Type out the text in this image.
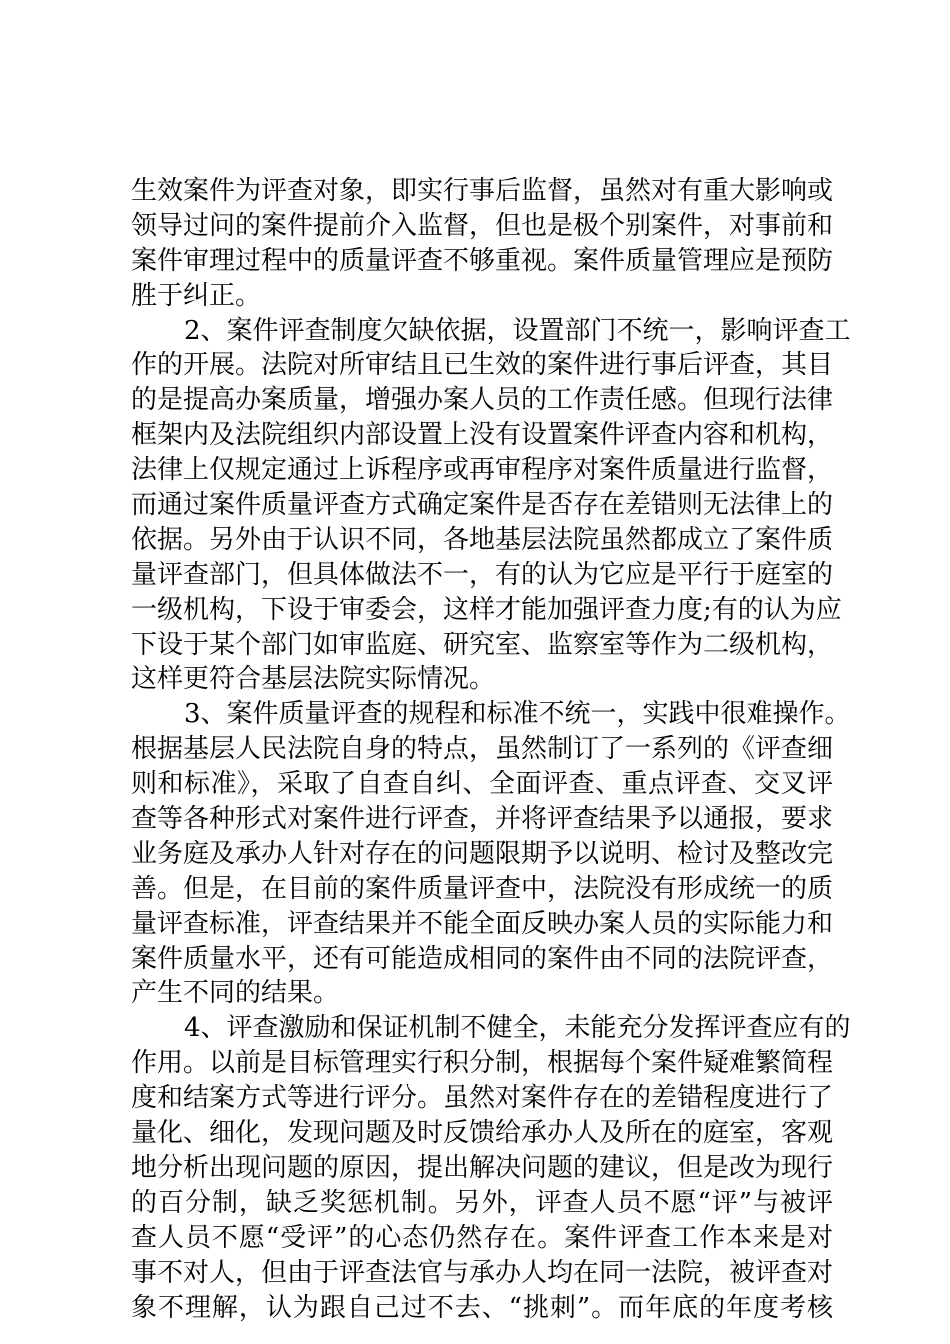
生效案件为评查对象，即实行事后监督，虽然对有重大影响或
领导过问的案件提前介入监督，但也是极个别案件，对事前和
案件审理过程中的质量评查不够重视。案件质量管理应是预防
胜于纠正。
2、案件评查制度欠缺依据，设置部门不统一，影响评查工
作的开展。法院对所审结且已生效的案件进行事后评查，其目
的是提高办案质量，增强办案人员的工作责任感。但现行法律
框架内及法院组织内部设置上没有设置案件评查内容和机构，
法律上仅规定通过上诉程序或再审程序对案件质量进行监督，
而通过案件质量评查方式确定案件是否存在差错则无法律上的
依据。另外由于认识不同，各地基层法院虽然都成立了案件质
量评查部门，但具体做法不一，有的认为它应是平行于庭室的
一级机构，下设于审委会，这样才能加强评查力度;有的认为应
下设于某个部门如审监庭、研究室、监察室等作为二级机构，
这样更符合基层法院实际情况。
3、案件质量评查的规程和标准不统一，实践中很难操作。
根据基层人民法院自身的特点，虽然制订了一系列的《评查细
则和标准》，采取了自查自纠、全面评查、重点评查、交叉评
查等各种形式对案件进行评查，并将评查结果予以通报，要求
业务庭及承办人针对存在的问题限期予以说明、检讨及整改完
善。但是，在目前的案件质量评查中，法院没有形成统一的质
量评查标准，评查结果并不能全面反映办案人员的实际能力和
案件质量水平，还有可能造成相同的案件由不同的法院评查，
产生不同的结果。
4、评查激励和保证机制不健全，未能充分发挥评查应有的
作用。以前是目标管理实行积分制，根据每个案件疑难繁简程
度和结案方式等进行评分。虽然对案件存在的差错程度进行了
量化、细化，发现问题及时反馈给承办人及所在的庭室，客观
地分析出现问题的原因，提出解决问题的建议，但是改为现行
的百分制，缺乏奖惩机制。另外，评查人员不愿“评”与被评
查人员不愿“受评”的心态仍然存在。案件评查工作本来是对
事不对人，但由于评查法官与承办人均在同一法院，被评查对
象不理解，认为跟自己过不去、“挑刺”。而年底的年度考核
